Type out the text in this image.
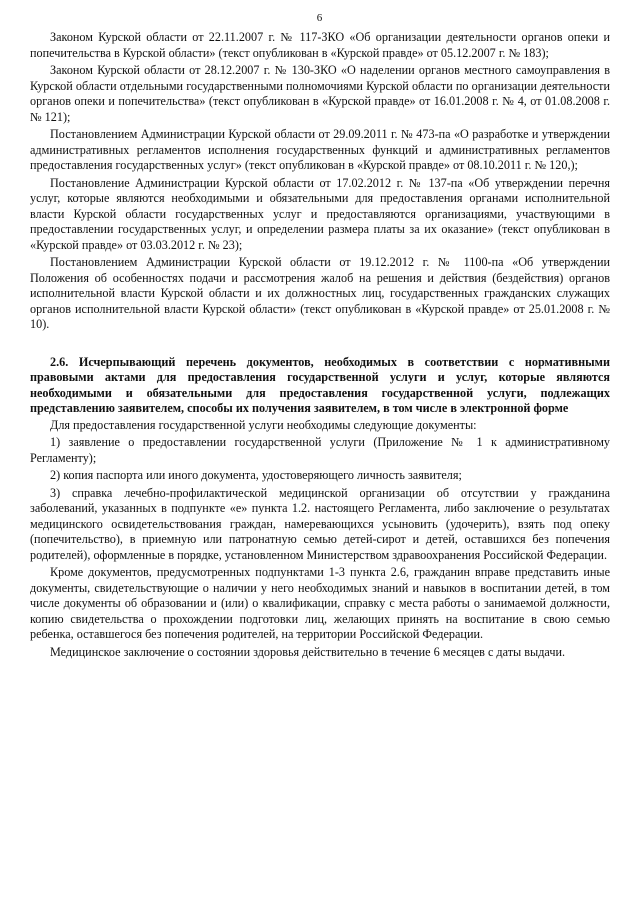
6

Законом Курской области от 22.11.2007 г. № 117-ЗКО «Об организации деятельности органов опеки и попечительства в Курской области» (текст опубликован в «Курской правде» от 05.12.2007 г. № 183);

Законом Курской области от 28.12.2007 г. № 130-ЗКО «О наделении органов местного самоуправления в Курской области отдельными государственными полномочиями Курской области по организации деятельности органов опеки и попечительства» (текст опубликован в «Курской правде» от 16.01.2008 г. № 4, от 01.08.2008 г. № 121);

Постановлением Администрации Курской области от 29.09.2011 г. № 473-па «О разработке и утверждении административных регламентов исполнения государственных функций и административных регламентов предоставления государственных услуг» (текст опубликован в «Курской правде» от 08.10.2011 г. № 120,);

Постановление Администрации Курской области от 17.02.2012 г. № 137-па «Об утверждении перечня услуг, которые являются необходимыми и обязательными для предоставления органами исполнительной власти Курской области государственных услуг и предоставляются организациями, участвующими в предоставлении государственных услуг, и определении размера платы за их оказание» (текст опубликован в «Курской правде» от 03.03.2012 г. № 23);

Постановлением Администрации Курской области от 19.12.2012 г. № 1100-па «Об утверждении Положения об особенностях подачи и рассмотрения жалоб на решения и действия (бездействия) органов исполнительной власти Курской области и их должностных лиц, государственных гражданских служащих органов исполнительной власти Курской области» (текст опубликован в «Курской правде» от 25.01.2008 г. № 10).

2.6. Исчерпывающий перечень документов, необходимых в соответствии с нормативными правовыми актами для предоставления государственной услуги и услуг, которые являются необходимыми и обязательными для предоставления государственной услуги, подлежащих представлению заявителем, способы их получения заявителем, в том числе в электронной форме

Для предоставления государственной услуги необходимы следующие документы:

1) заявление о предоставлении государственной услуги (Приложение № 1 к административному Регламенту);

2) копия паспорта или иного документа, удостоверяющего личность заявителя;

3) справка лечебно-профилактической медицинской организации об отсутствии у гражданина заболеваний, указанных в подпункте «е» пункта 1.2. настоящего Регламента, либо заключение о результатах медицинского освидетельствования граждан, намеревающихся усыновить (удочерить), взять под опеку (попечительство), в приемную или патронатную семью детей-сирот и детей, оставшихся без попечения родителей), оформленные в порядке, установленном Министерством здравоохранения Российской Федерации.

Кроме документов, предусмотренных подпунктами 1-3 пункта 2.6, гражданин вправе представить иные документы, свидетельствующие о наличии у него необходимых знаний и навыков в воспитании детей, в том числе документы об образовании и (или) о квалификации, справку с места работы о занимаемой должности, копию свидетельства о прохождении подготовки лиц, желающих принять на воспитание в свою семью ребенка, оставшегося без попечения родителей, на территории Российской Федерации.

Медицинское заключение о состоянии здоровья действительно в течение 6 месяцев с даты выдачи.
